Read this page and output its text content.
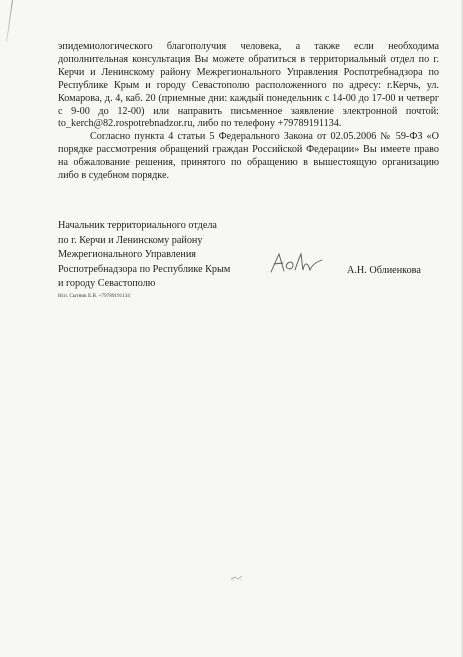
эпидемиологического благополучия человека, а также если необходима дополнительная консультация Вы можете обратиться в территориальный отдел по г. Керчи и Ленинскому району Межрегионального Управления Роспотребнадзора по Республике Крым и городу Севастополю расположенного по адресу: г.Керчь, ул. Комарова, д. 4, каб. 20 (приемные дни: каждый понедельник с 14-00 до 17-00 и четверг с 9-00 до 12-00) или направить письменное заявление электронной почтой: to_kerch@82.rospotrebnadzor.ru, либо по телефону +79789191134.

Согласно пункта 4 статьи 5 Федерального Закона от 02.05.2006 № 59-ФЗ «О порядке рассмотрения обращений граждан Российской Федерации» Вы имеете право на обжалование решения, принятого по обращению в вышестоящую организацию либо в судебном порядке.

Начальник территориального отдела
по г. Керчи и Ленинскому району
Межрегионального Управления
Роспотребнадзора по Республике Крым
и городу Севастополю
А.Н. Облиенкова
Исп. Сытник Е.В. +79789191134
